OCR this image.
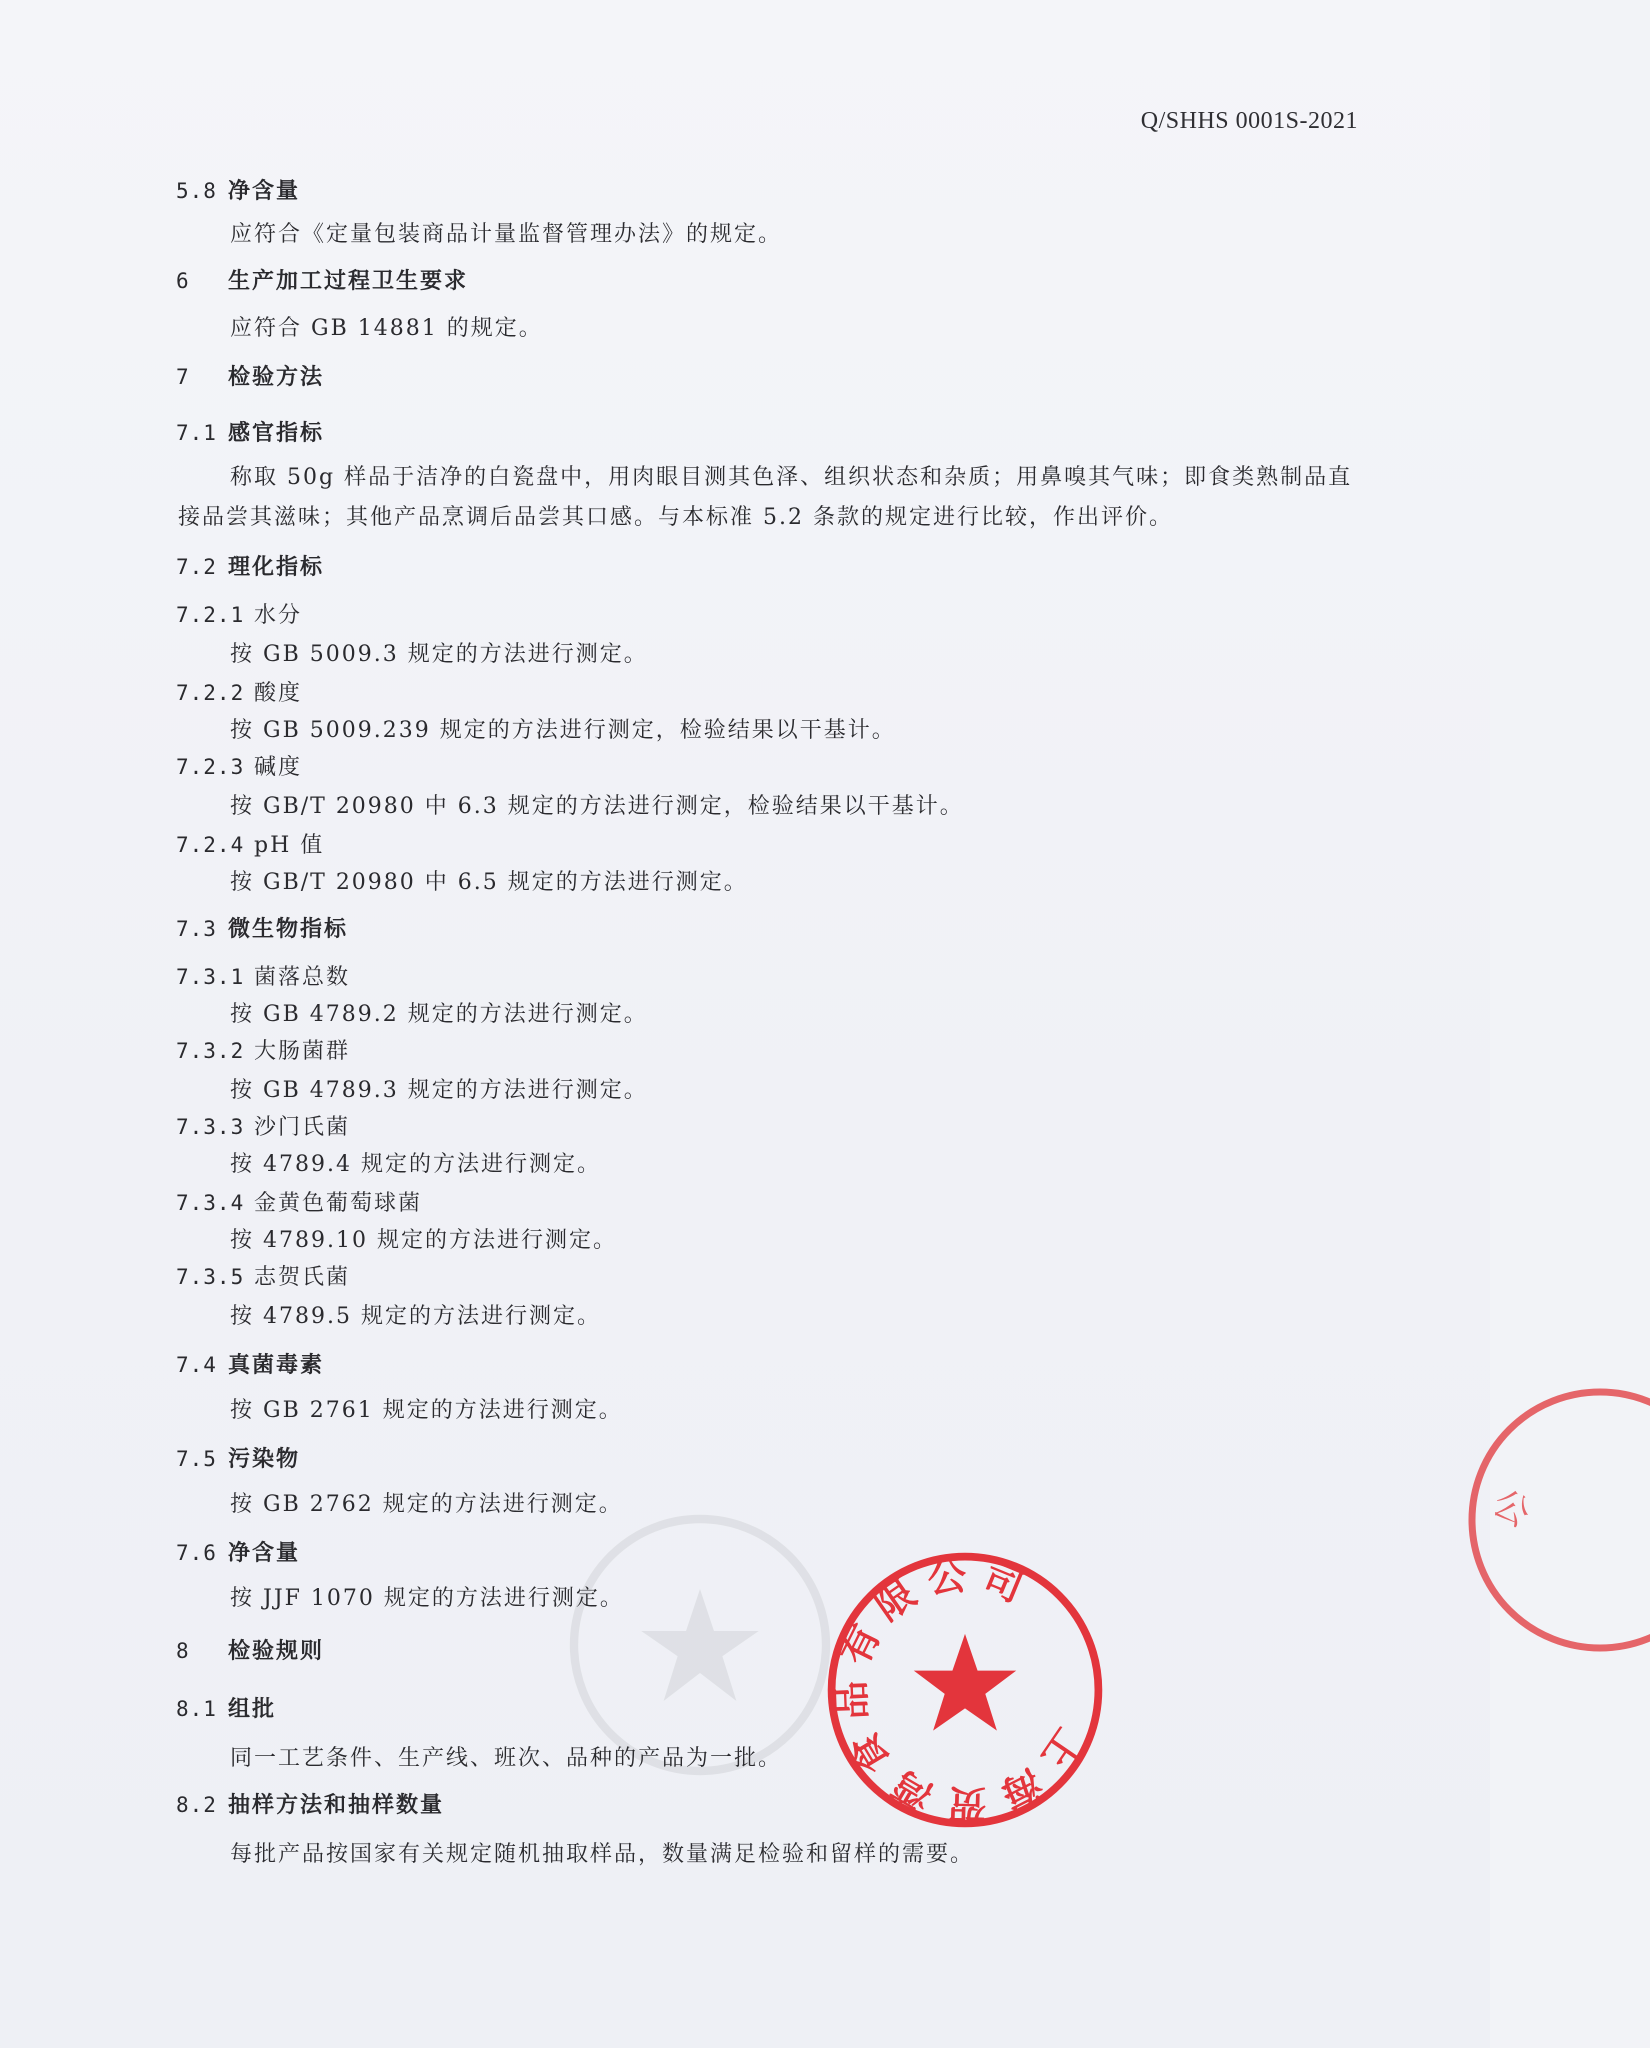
Q/SHHS 0001S-2021
5.8 净含量
应符合《定量包装商品计量监督管理办法》的规定。
6 生产加工过程卫生要求
应符合 GB 14881 的规定。
7 检验方法
7.1 感官指标
7.2 理化指标
7.2.1 水分
按 GB 5009.3 规定的方法进行测定。
7.2.2 酸度
按 GB 5009.239 规定的方法进行测定，检验结果以干基计。
7.2.3 碱度
按 GB/T 20980 中 6.3 规定的方法进行测定，检验结果以干基计。
7.2.4 pH 值
按 GB/T 20980 中 6.5 规定的方法进行测定。
7.3 微生物指标
7.3.1 菌落总数
按 GB 4789.2 规定的方法进行测定。
7.3.2 大肠菌群
按 GB 4789.3 规定的方法进行测定。
7.3.3 沙门氏菌
按 4789.4 规定的方法进行测定。
7.3.4 金黄色葡萄球菌
按 4789.10 规定的方法进行测定。
7.3.5 志贺氏菌
按 4789.5 规定的方法进行测定。
7.4 真菌毒素
按 GB 2761 规定的方法进行测定。
7.5 污染物
按 GB 2762 规定的方法进行测定。
7.6 净含量
按 JJF 1070 规定的方法进行测定。
8 检验规则
8.1 组批
同一工艺条件、生产线、班次、品种的产品为一批。
8.2 抽样方法和抽样数量
每批产品按国家有关规定随机抽取样品，数量满足检验和留样的需要。
称取 50g 样品于洁净的白瓷盘中，用肉眼目测其色泽、组织状态和杂质；用鼻嗅其气味；即食类熟制品直接品尝其滋味；其他产品烹调后品尝其口感。与本标准 5.2 条款的规定进行比较，作出评价。
公
上海贺湾食品有限公司
